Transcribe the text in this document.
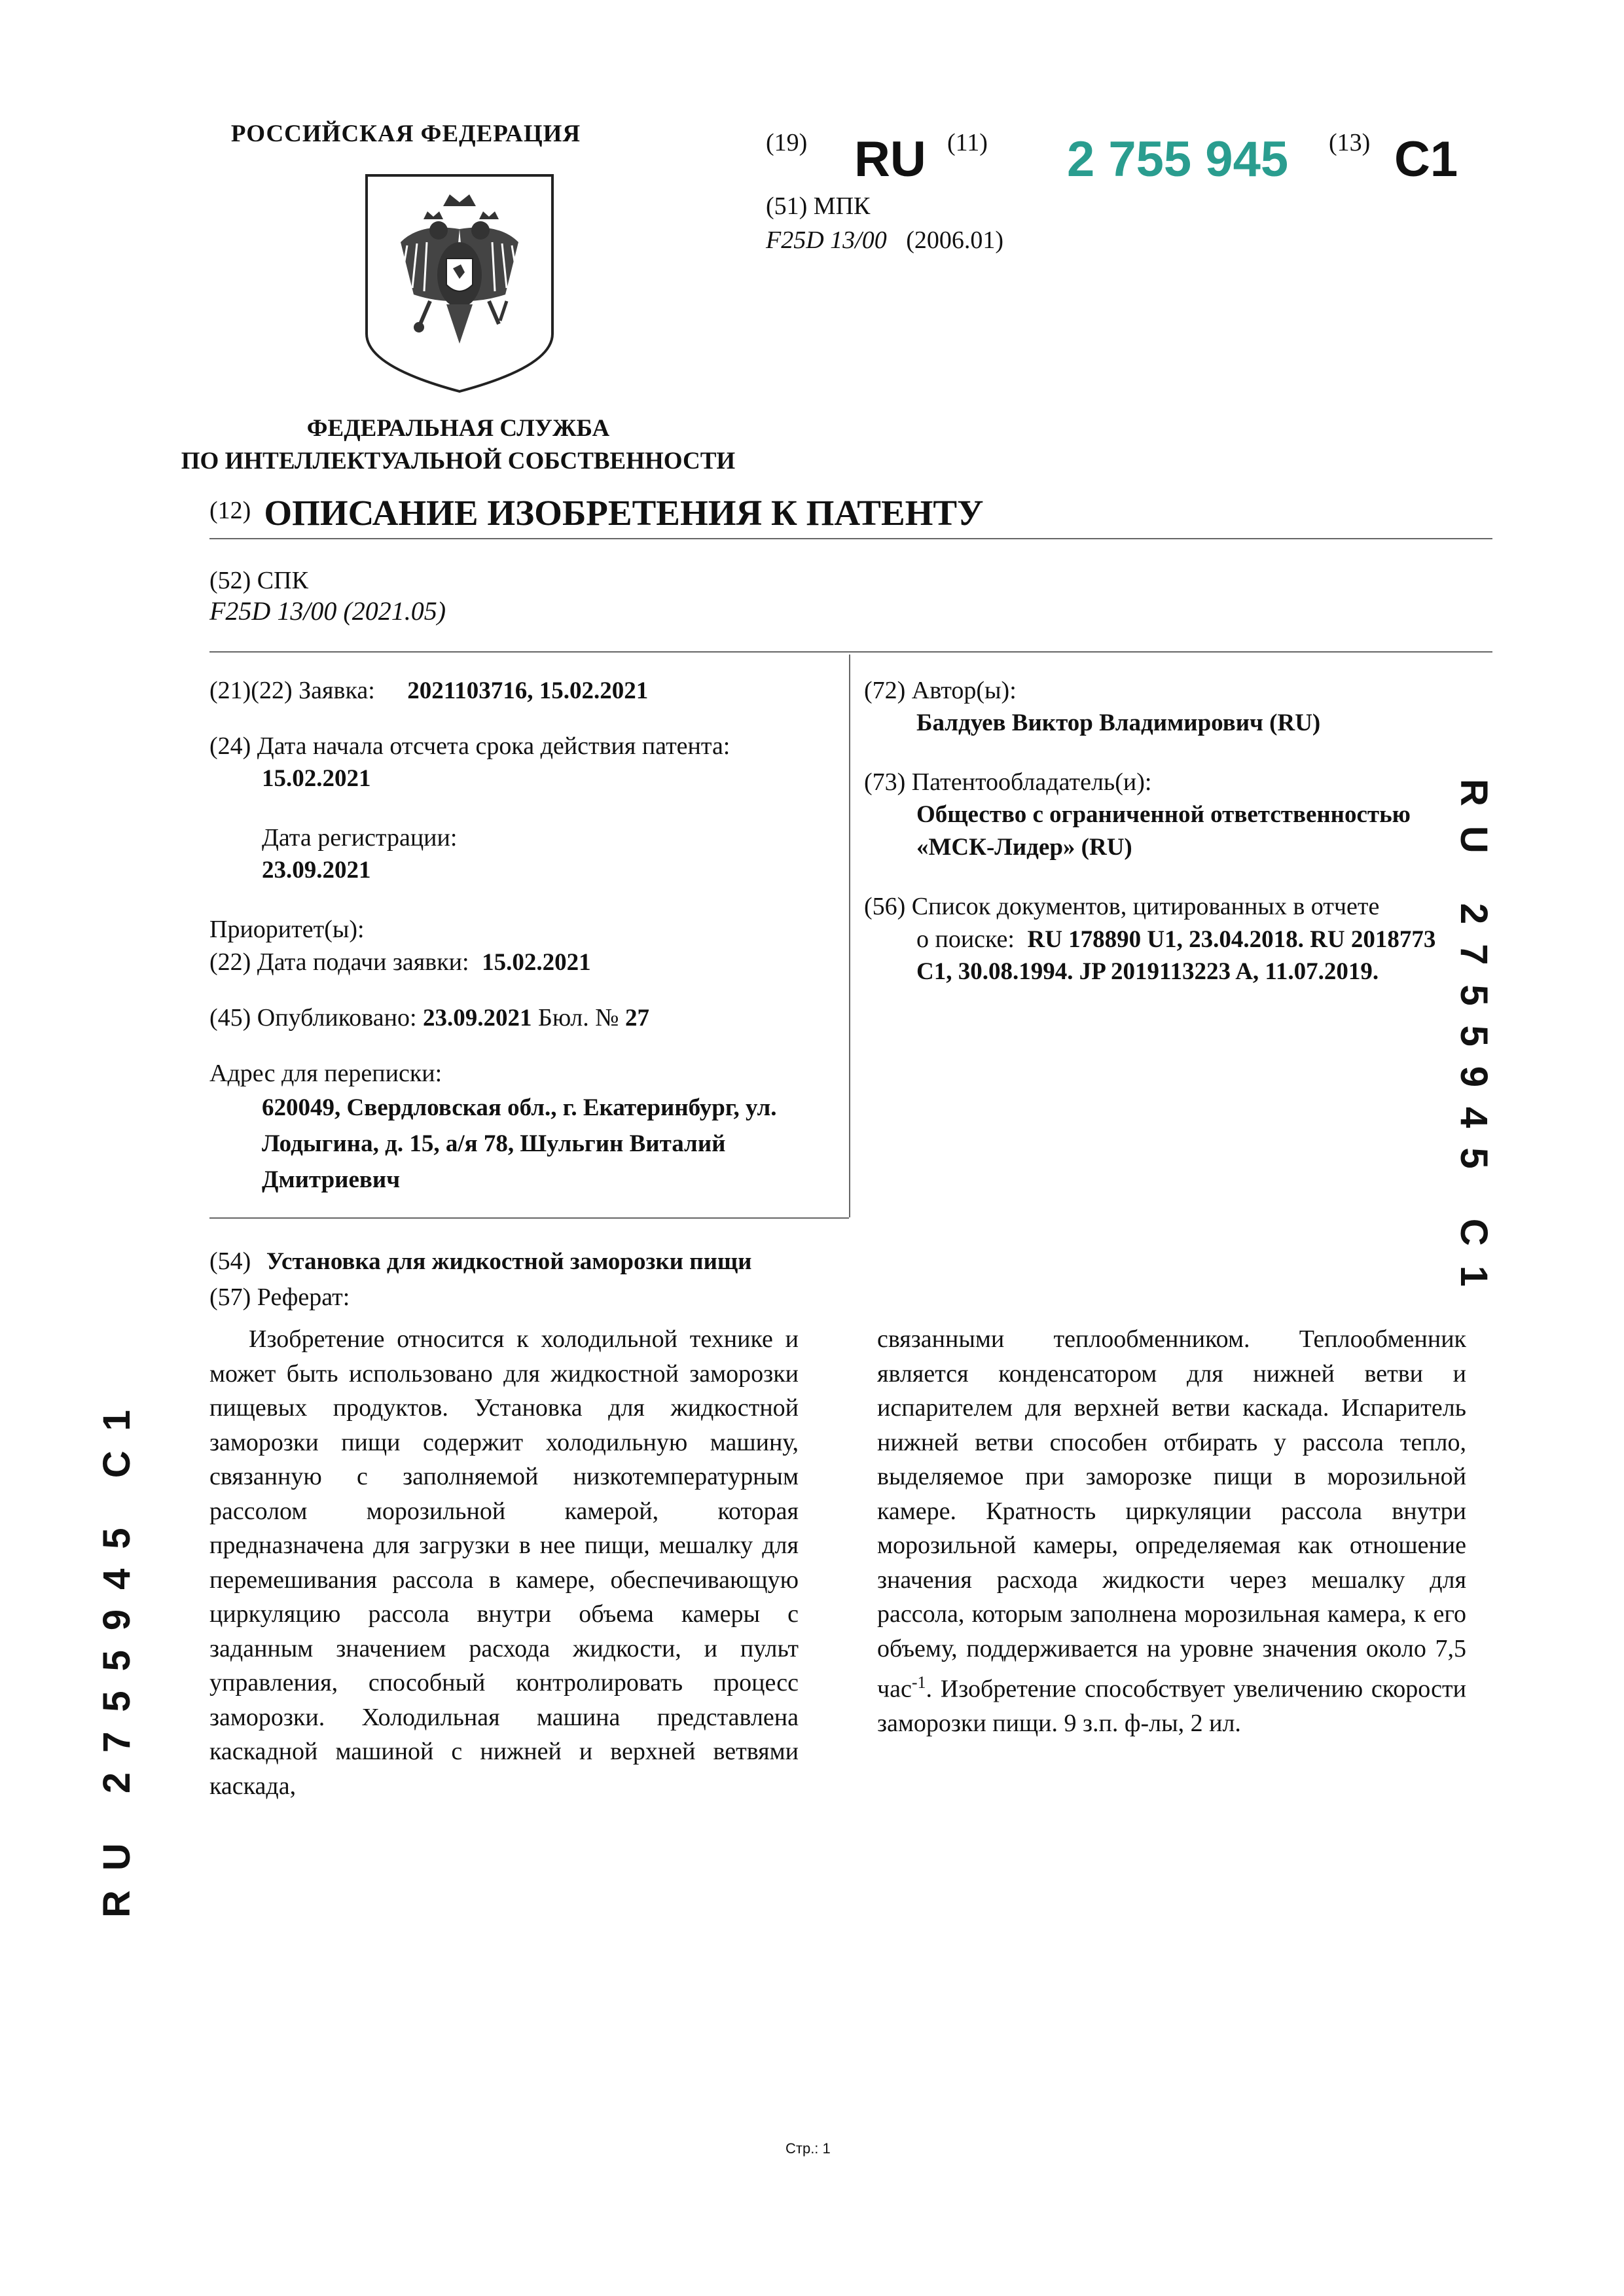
РОССИЙСКАЯ ФЕДЕРАЦИЯ
ФЕДЕРАЛЬНАЯ СЛУЖБА
ПО ИНТЕЛЛЕКТУАЛЬНОЙ СОБСТВЕННОСТИ
(19) RU (11) 2 755 945 (13) C1
(51) МПК
F25D 13/00 (2006.01)
$^{(12)}$ ОПИСАНИЕ ИЗОБРЕТЕНИЯ К ПАТЕНТУ
(52) СПК
F25D 13/00 (2021.05)
(21)(22) Заявка: 2021103716, 15.02.2021
(24) Дата начала отсчета срока действия патента:
15.02.2021
Дата регистрации:
23.09.2021
Приоритет(ы):
(22) Дата подачи заявки: 15.02.2021
(45) Опубликовано: 23.09.2021 Бюл. № 27
Адрес для переписки:
620049, Свердловская обл., г. Екатеринбург, ул.
Лодыгина, д. 15, а/я 78, Шульгин Виталий
Дмитриевич
(72) Автор(ы):
Балдуев Виктор Владимирович (RU)
(73) Патентообладатель(и):
Общество с ограниченной ответственностью
«МСК-Лидер» (RU)
(56) Список документов, цитированных в отчете
о поиске: RU 178890 U1, 23.04.2018. RU 2018773
C1, 30.08.1994. JP 2019113223 A, 11.07.2019. RU 2755945 C1
RU 2755945 C1
(54) Установка для жидкостной заморозки пищи
(57) Реферат:
Изобретение относится к холодильной технике и может быть использовано для жидкостной заморозки пищевых продуктов. Установка для жидкостной заморозки пищи содержит холодильную машину, связанную с заполняемой низкотемпературным рассолом морозильной камерой, которая предназначена для загрузки в нее пищи, мешалку для перемешивания рассола в камере, обеспечивающую циркуляцию рассола внутри объема камеры с заданным значением расхода жидкости, и пульт управления, способный контролировать процесс заморозки. Холодильная машина представлена каскадной машиной с нижней и верхней ветвями каскада,
связанными теплообменником. Теплообменник является конденсатором для нижней ветви и испарителем для верхней ветви каскада. Испаритель нижней ветви способен отбирать у рассола тепло, выделяемое при заморозке пищи в морозильной камере. Кратность циркуляции рассола внутри морозильной камеры, определяемая как отношение значения расхода жидкости через мешалку для рассола, которым заполнена морозильная камера, к его объему, поддерживается на уровне значения около 7,5 час$^{-1}$. Изобретение способствует увеличению скорости заморозки пищи. 9 з.п. ф-лы, 2 ил.
Стр.: 1
